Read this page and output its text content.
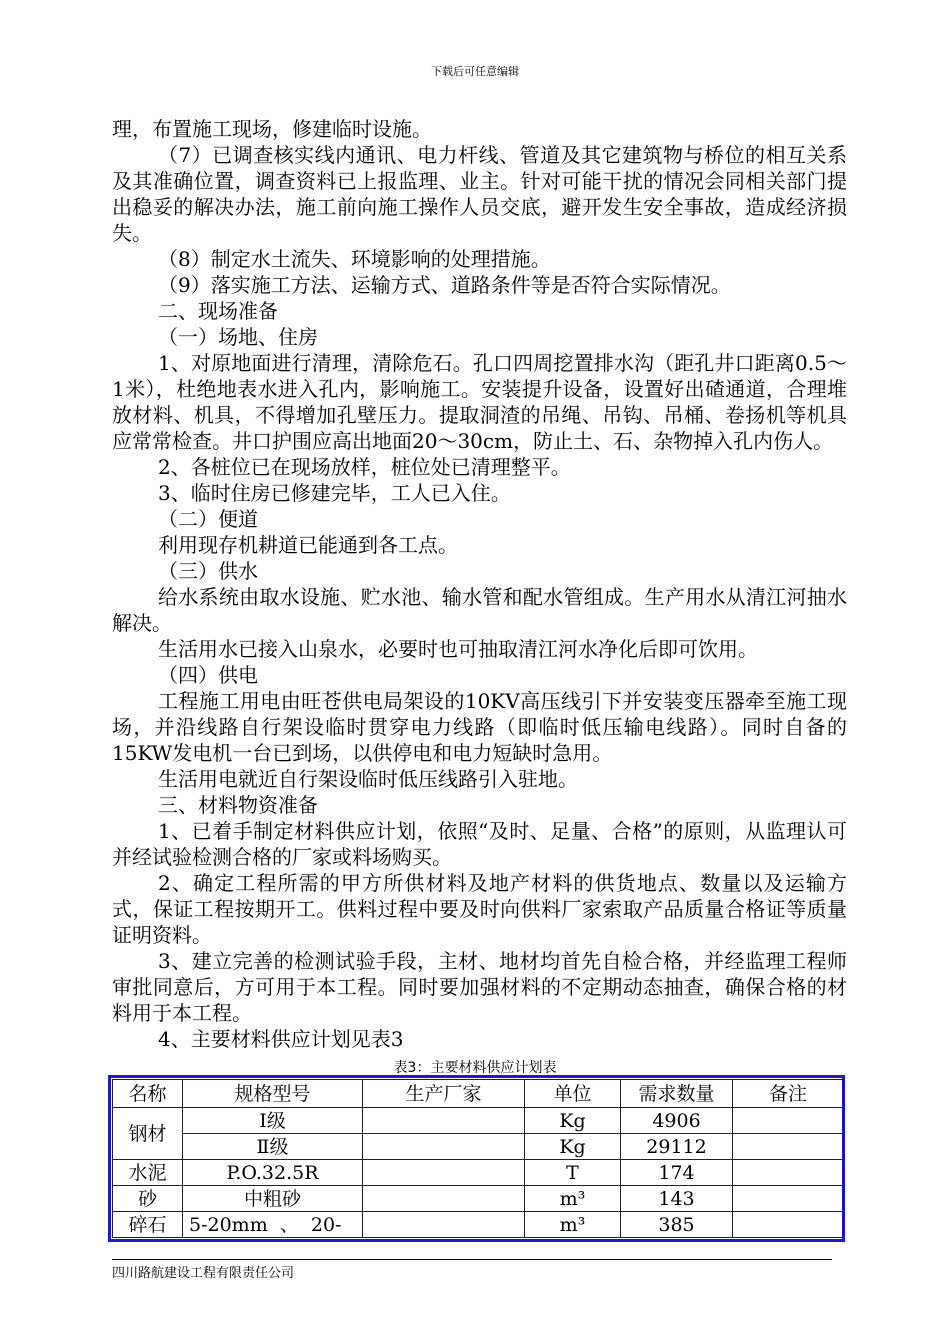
下载后可任意编辑

理，布置施工现场，修建临时设施。

（7）已调查核实线内通讯、电力杆线、管道及其它建筑物与桥位的相互关系及其准确位置，调查资料已上报监理、业主。针对可能干扰的情况会同相关部门提出稳妥的解决办法，施工前向施工操作人员交底，避开发生安全事故，造成经济损失。

（8）制定水土流失、环境影响的处理措施。

（9）落实施工方法、运输方式、道路条件等是否符合实际情况。

二、现场准备

（一）场地、住房

1、对原地面进行清理，清除危石。孔口四周挖置排水沟（距孔井口距离0.5～1米），杜绝地表水进入孔内，影响施工。安装提升设备，设置好出碴通道，合理堆放材料、机具，不得增加孔壁压力。提取洞渣的吊绳、吊钩、吊桶、卷扬机等机具应常常检查。井口护围应高出地面20～30cm，防止土、石、杂物掉入孔内伤人。

2、各桩位已在现场放样，桩位处已清理整平。

3、临时住房已修建完毕，工人已入住。

（二）便道

利用现存机耕道已能通到各工点。

（三）供水

给水系统由取水设施、贮水池、输水管和配水管组成。生产用水从清江河抽水解决。

生活用水已接入山泉水，必要时也可抽取清江河水净化后即可饮用。

（四）供电

工程施工用电由旺苍供电局架设的10KV高压线引下并安装变压器牵至施工现场，并沿线路自行架设临时贯穿电力线路（即临时低压输电线路）。同时自备的15KW发电机一台已到场，以供停电和电力短缺时急用。

生活用电就近自行架设临时低压线路引入驻地。

三、材料物资准备

1、已着手制定材料供应计划，依照“及时、足量、合格”的原则，从监理认可并经试验检测合格的厂家或料场购买。

2、确定工程所需的甲方所供材料及地产材料的供货地点、数量以及运输方式，保证工程按期开工。供料过程中要及时向供料厂家索取产品质量合格证等质量证明资料。

3、建立完善的检测试验手段，主材、地材均首先自检合格，并经监理工程师审批同意后，方可用于本工程。同时要加强材料的不定期动态抽查，确保合格的材料用于本工程。

4、主要材料供应计划见表3

表3：主要材料供应计划表
名称	规格型号	生产厂家	单位	需求数量	备注
钢材	Ⅰ级		Kg	4906	
	Ⅱ级		Kg	29112	
水泥	P.O.32.5R		T	174	
砂	中粗砂		m³	143	
碎石	5-20mm  、  20-		m³	385	
四川路航建设工程有限责任公司
